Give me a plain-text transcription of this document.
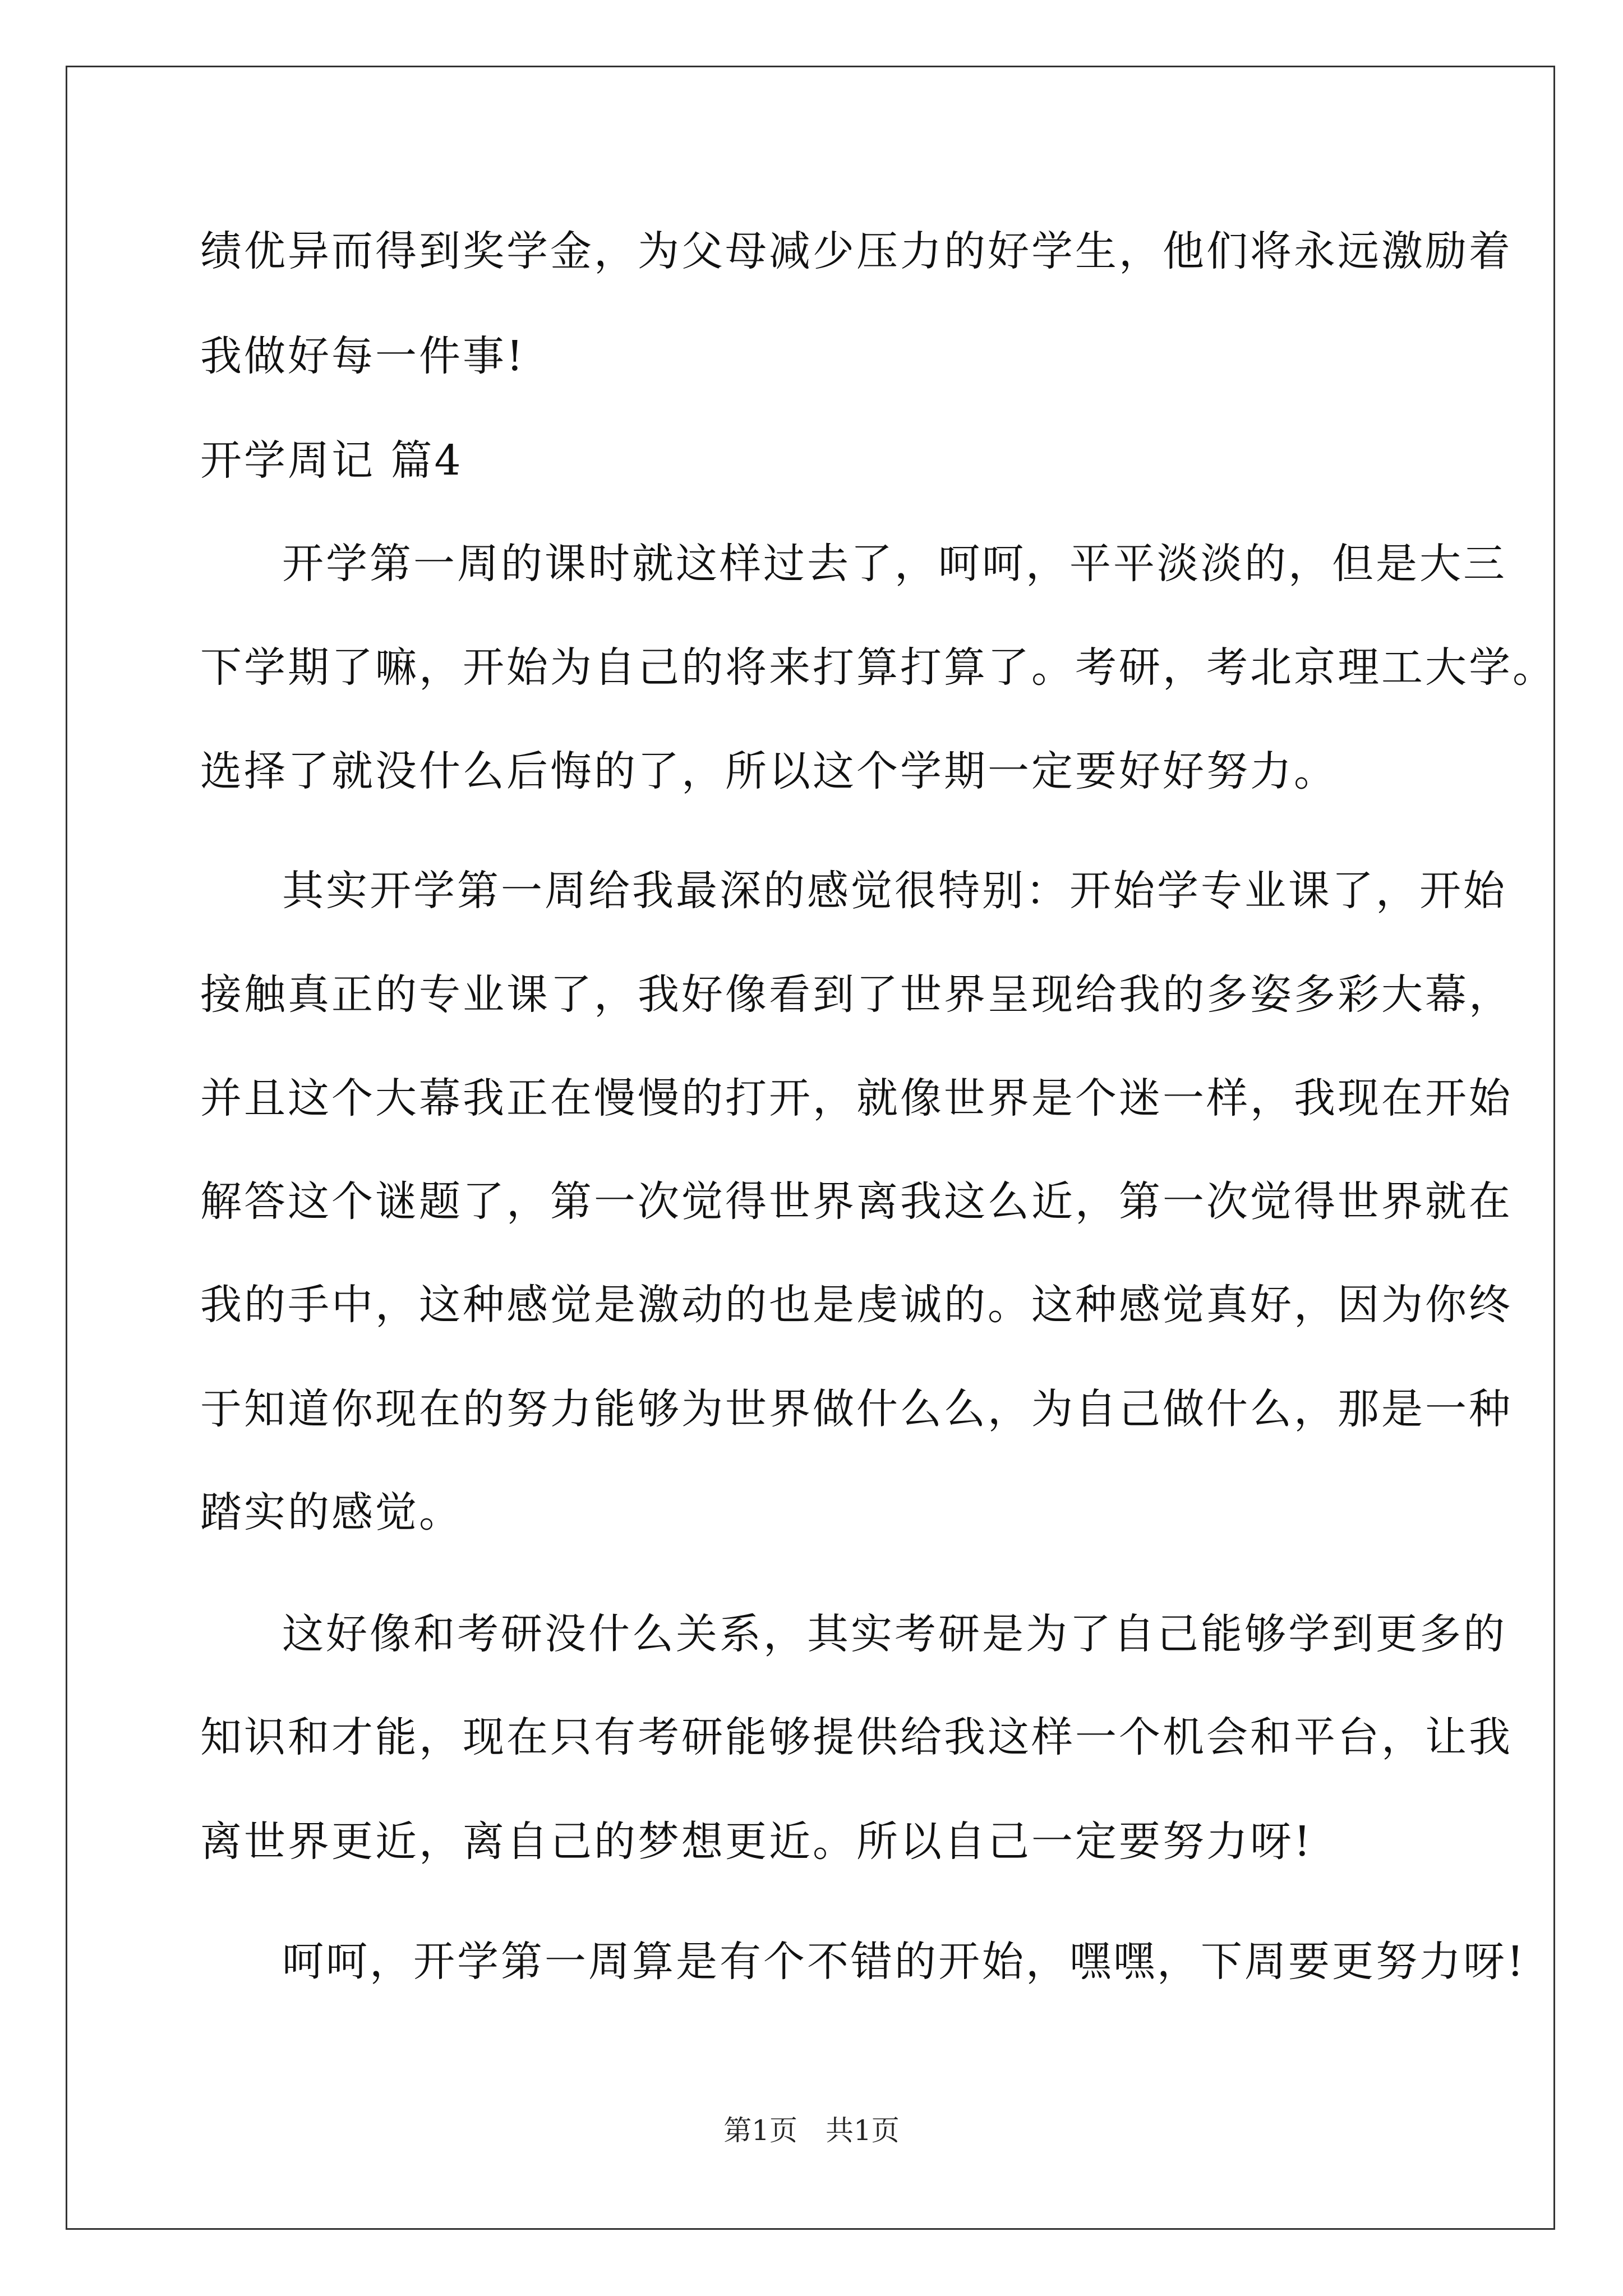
绩优异而得到奖学金，为父母减少压力的好学生，他们将永远激励着
我做好每一件事!
开学周记 篇4
开学第一周的课时就这样过去了，呵呵，平平淡淡的，但是大三
下学期了嘛，开始为自己的将来打算打算了。考研，考北京理工大学。
选择了就没什么后悔的了，所以这个学期一定要好好努力。
其实开学第一周给我最深的感觉很特别：开始学专业课了，开始
接触真正的专业课了，我好像看到了世界呈现给我的多姿多彩大幕，
并且这个大幕我正在慢慢的打开，就像世界是个迷一样，我现在开始
解答这个谜题了，第一次觉得世界离我这么近，第一次觉得世界就在
我的手中，这种感觉是激动的也是虔诚的。这种感觉真好，因为你终
于知道你现在的努力能够为世界做什么么，为自己做什么，那是一种
踏实的感觉。
这好像和考研没什么关系，其实考研是为了自己能够学到更多的
知识和才能，现在只有考研能够提供给我这样一个机会和平台，让我
离世界更近，离自己的梦想更近。所以自己一定要努力呀!
呵呵，开学第一周算是有个不错的开始，嘿嘿，下周要更努力呀!
第1页 共1页
